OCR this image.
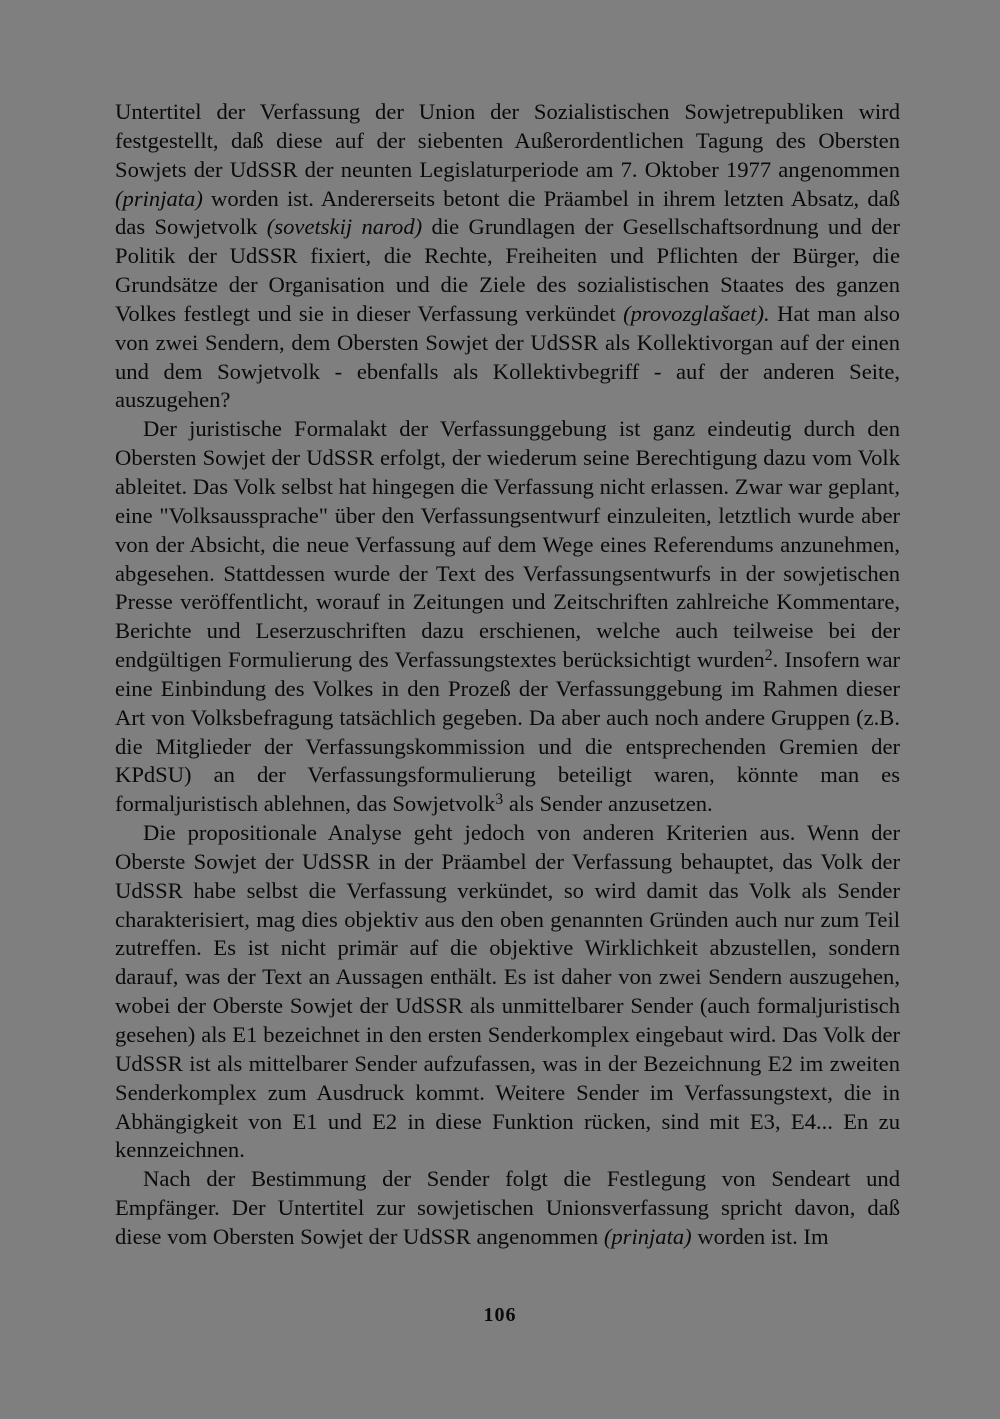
Untertitel der Verfassung der Union der Sozialistischen Sowjetrepubliken wird festgestellt, daß diese auf der siebenten Außerordentlichen Tagung des Obersten Sowjets der UdSSR der neunten Legislaturperiode am 7. Oktober 1977 angenommen (prinjata) worden ist. Andererseits betont die Präambel in ihrem letzten Absatz, daß das Sowjetvolk (sovetskij narod) die Grundlagen der Gesellschaftsordnung und der Politik der UdSSR fixiert, die Rechte, Freiheiten und Pflichten der Bürger, die Grundsätze der Organisation und die Ziele des sozialistischen Staates des ganzen Volkes festlegt und sie in dieser Verfassung verkündet (provozglašaet). Hat man also von zwei Sendern, dem Obersten Sowjet der UdSSR als Kollektivorgan auf der einen und dem Sowjetvolk - ebenfalls als Kollektivbegriff - auf der anderen Seite, auszugehen?

Der juristische Formalakt der Verfassunggebung ist ganz eindeutig durch den Obersten Sowjet der UdSSR erfolgt, der wiederum seine Berechtigung dazu vom Volk ableitet. Das Volk selbst hat hingegen die Verfassung nicht erlassen. Zwar war geplant, eine "Volksaussprache" über den Verfassungsentwurf einzuleiten, letztlich wurde aber von der Absicht, die neue Verfassung auf dem Wege eines Referendums anzunehmen, abgesehen. Stattdessen wurde der Text des Verfassungsentwurfs in der sowjetischen Presse veröffentlicht, worauf in Zeitungen und Zeitschriften zahlreiche Kommentare, Berichte und Leserzuschriften dazu erschienen, welche auch teilweise bei der endgültigen Formulierung des Verfassungstextes berücksichtigt wurden$^2$. Insofern war eine Einbindung des Volkes in den Prozeß der Verfassunggebung im Rahmen dieser Art von Volksbefragung tatsächlich gegeben. Da aber auch noch andere Gruppen (z.B. die Mitglieder der Verfassungskommission und die entsprechenden Gremien der KPdSU) an der Verfassungsformulierung beteiligt waren, könnte man es formaljuristisch ablehnen, das Sowjetvolk$^3$ als Sender anzusetzen.

Die propositionale Analyse geht jedoch von anderen Kriterien aus. Wenn der Oberste Sowjet der UdSSR in der Präambel der Verfassung behauptet, das Volk der UdSSR habe selbst die Verfassung verkündet, so wird damit das Volk als Sender charakterisiert, mag dies objektiv aus den oben genannten Gründen auch nur zum Teil zutreffen. Es ist nicht primär auf die objektive Wirklichkeit abzustellen, sondern darauf, was der Text an Aussagen enthält. Es ist daher von zwei Sendern auszugehen, wobei der Oberste Sowjet der UdSSR als unmittelbarer Sender (auch formaljuristisch gesehen) als E1 bezeichnet in den ersten Senderkomplex eingebaut wird. Das Volk der UdSSR ist als mittelbarer Sender aufzufassen, was in der Bezeichnung E2 im zweiten Senderkomplex zum Ausdruck kommt. Weitere Sender im Verfassungstext, die in Abhängigkeit von E1 und E2 in diese Funktion rücken, sind mit E3, E4... En zu kennzeichnen.

Nach der Bestimmung der Sender folgt die Festlegung von Sendeart und Empfänger. Der Untertitel zur sowjetischen Unionsverfassung spricht davon, daß diese vom Obersten Sowjet der UdSSR angenommen (prinjata) worden ist. Im

106
